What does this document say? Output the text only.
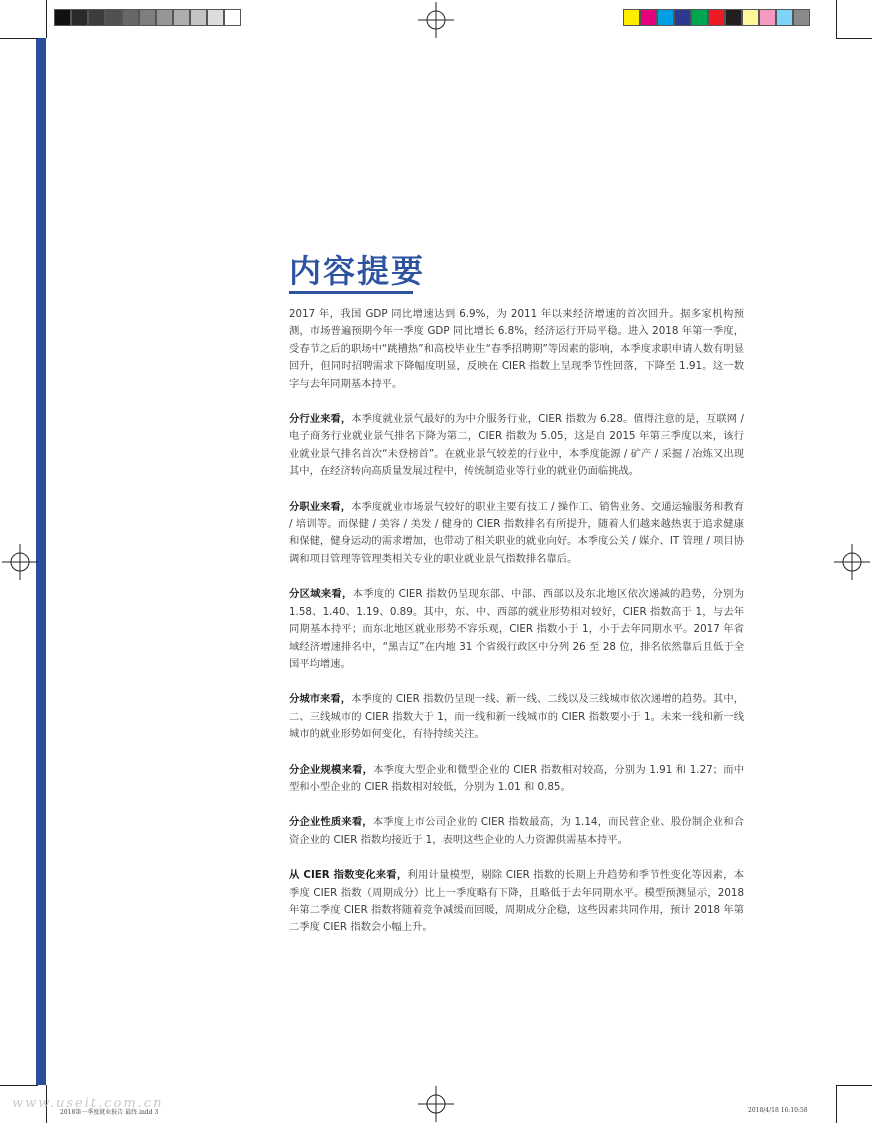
内容提要

2017 年，我国 GDP 同比增速达到 6.9%，为 2011 年以来经济增速的首次回升。据多家机构预测，市场普遍预期今年一季度 GDP 同比增长 6.8%，经济运行开局平稳。进入 2018 年第一季度，受春节之后的职场中“跳槽热”和高校毕业生“春季招聘期”等因素的影响，本季度求职申请人数有明显回升，但同时招聘需求下降幅度明显，反映在 CIER 指数上呈现季节性回落，下降至 1.91。这一数字与去年同期基本持平。

分行业来看，本季度就业景气最好的为中介服务行业，CIER 指数为 6.28。值得注意的是，互联网 / 电子商务行业就业景气排名下降为第二，CIER 指数为 5.05，这是自 2015 年第三季度以来，该行业就业景气排名首次“未登榜首”。在就业景气较差的行业中，本季度能源 / 矿产 / 采掘 / 冶炼又出现其中，在经济转向高质量发展过程中，传统制造业等行业的就业仍面临挑战。

分职业来看，本季度就业市场景气较好的职业主要有技工 / 操作工、销售业务、交通运输服务和教育 / 培训等。而保健 / 美容 / 美发 / 健身的 CIER 指数排名有所提升，随着人们越来越热衷于追求健康和保健，健身运动的需求增加，也带动了相关职业的就业向好。本季度公关 / 媒介、IT 管理 / 项目协调和项目管理等管理类相关专业的职业就业景气指数排名靠后。

分区域来看，本季度的 CIER 指数仍呈现东部、中部、西部以及东北地区依次递减的趋势，分别为 1.58、1.40、1.19、0.89。其中，东、中、西部的就业形势相对较好，CIER 指数高于 1，与去年同期基本持平；而东北地区就业形势不容乐观，CIER 指数小于 1，小于去年同期水平。2017 年省域经济增速排名中，“黑吉辽”在内地 31 个省级行政区中分列 26 至 28 位，排名依然靠后且低于全国平均增速。

分城市来看，本季度的 CIER 指数仍呈现一线、新一线、二线以及三线城市依次递增的趋势。其中，二、三线城市的 CIER 指数大于 1，而一线和新一线城市的 CIER 指数要小于 1。未来一线和新一线城市的就业形势如何变化，有待持续关注。

分企业规模来看，本季度大型企业和微型企业的 CIER 指数相对较高，分别为 1.91 和 1.27；而中型和小型企业的 CIER 指数相对较低，分别为 1.01 和 0.85。

分企业性质来看，本季度上市公司企业的 CIER 指数最高，为 1.14，而民营企业、股份制企业和合资企业的 CIER 指数均接近于 1，表明这些企业的人力资源供需基本持平。

从 CIER 指数变化来看，利用计量模型，剔除 CIER 指数的长期上升趋势和季节性变化等因素，本季度 CIER 指数（周期成分）比上一季度略有下降，且略低于去年同期水平。模型预测显示，2018 年第二季度 CIER 指数将随着竞争减缓而回暖，周期成分企稳，这些因素共同作用，预计 2018 年第二季度 CIER 指数会小幅上升。

www.useit.com.cn
2018第一季度就业报告 最终.indd 3	2018/4/18 16:10:58
